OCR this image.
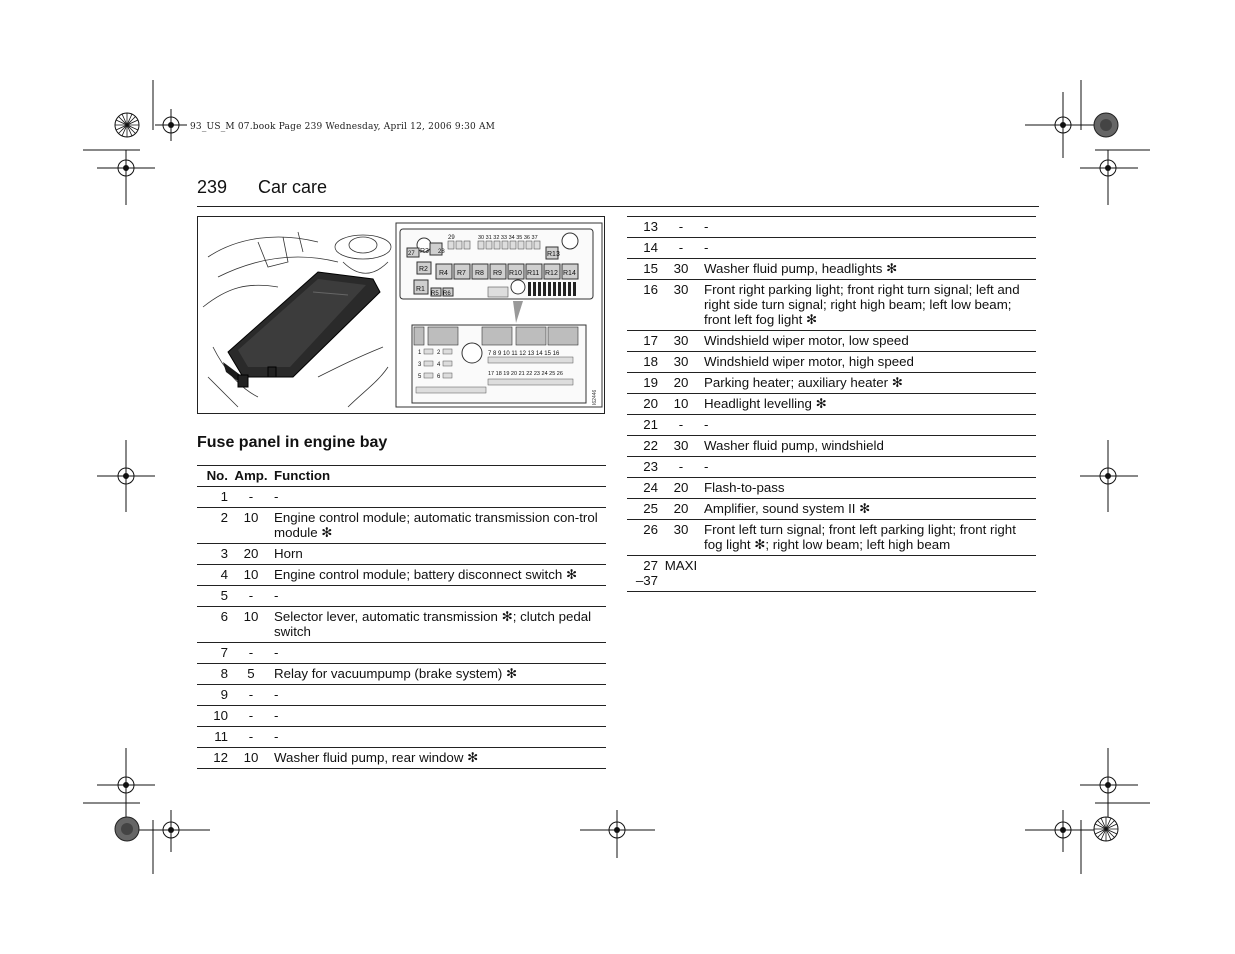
93_US_M 07.book Page 239 Wednesday, April 12, 2006 9:30 AM
239 Car care
R3
27	28
29	30 31 32 33 34 35 36 37
R2
R4 R7 R8 R9 R10 R11 R12 R14
R13
R1
R5 R6
1	2
3	4
5	6
7 8 9 10 11 12 13 14 15 16
17 18 19 20 21 22 23 24 25 26
I62446
Fuse panel in engine bay
No.	Amp.	Function
1	-	-
2	10	Engine control module; automatic transmission con-trol module ✻
3	20	Horn
4	10	Engine control module; battery disconnect switch ✻
5	-	-
6	10	Selector lever, automatic transmission ✻; clutch pedal switch
7	-	-
8	5	Relay for vacuumpump (brake system) ✻
9	-	-
10	-	-
11	-	-
12	10	Washer fluid pump, rear window ✻
13	-	-
14	-	-
15	30	Washer fluid pump, headlights ✻
16	30	Front right parking light; front right turn signal; left and right side turn signal; right high beam; left low beam; front left fog light ✻
17	30	Windshield wiper motor, low speed
18	30	Windshield wiper motor, high speed
19	20	Parking heater; auxiliary heater ✻
20	10	Headlight levelling ✻
21	-	-
22	30	Washer fluid pump, windshield
23	-	-
24	20	Flash-to-pass
25	20	Amplifier, sound system II ✻
26	30	Front left turn signal; front left parking light; front right fog light ✻; right low beam; left high beam
27
–37	MAXI	
